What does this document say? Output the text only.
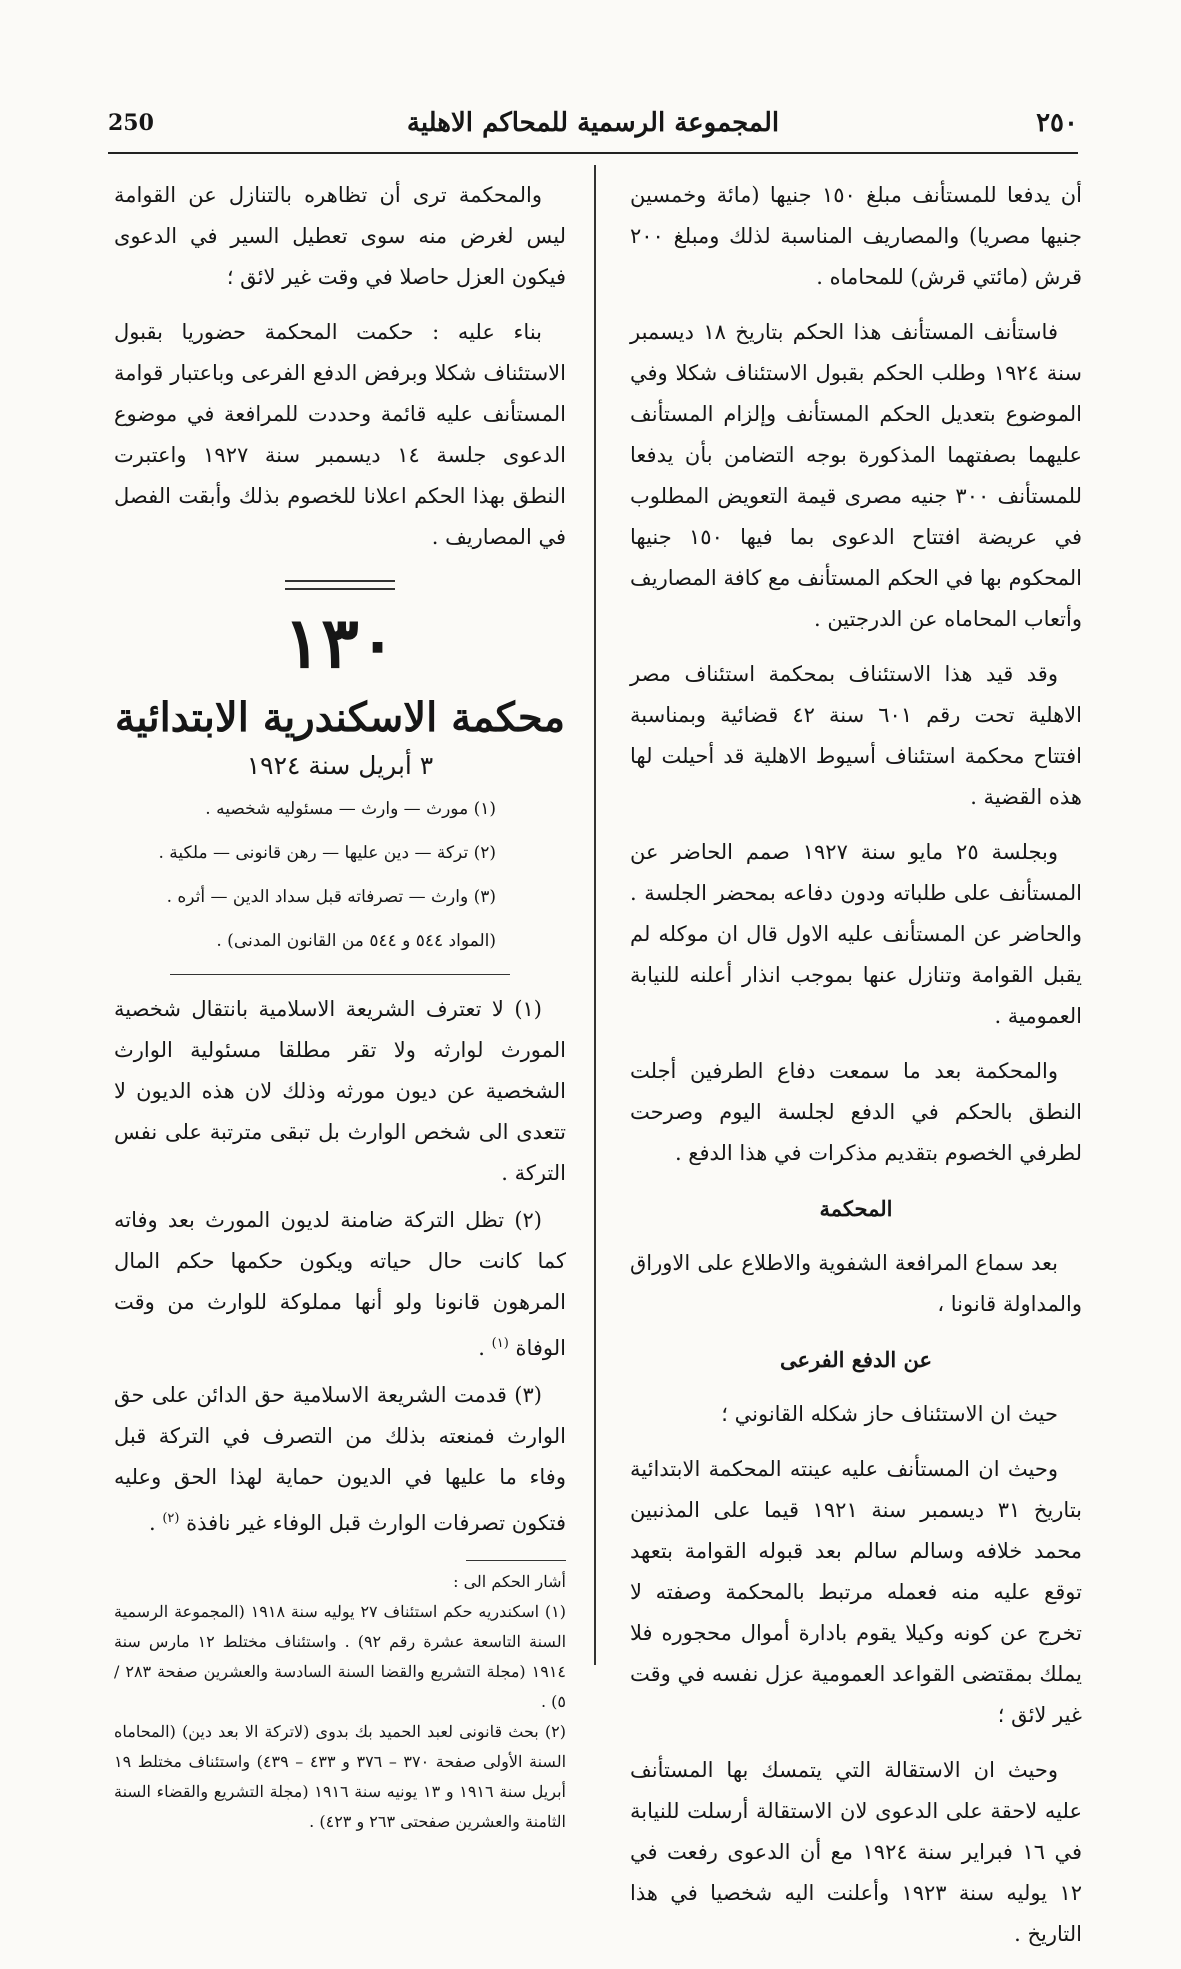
250	المجموعة الرسمية للمحاكم الاهلية	٢٥٠

أن يدفعا للمستأنف مبلغ ١٥٠ جنيها (مائة وخمسين جنيها مصريا) والمصاريف المناسبة لذلك ومبلغ ٢٠٠ قرش (مائتي قرش) للمحاماه .

فاستأنف المستأنف هذا الحكم بتاريخ ١٨ ديسمبر سنة ١٩٢٤ وطلب الحكم بقبول الاستئناف شكلا وفي الموضوع بتعديل الحكم المستأنف وإلزام المستأنف عليهما بصفتهما المذكورة بوجه التضامن بأن يدفعا للمستأنف ٣٠٠ جنيه مصرى قيمة التعويض المطلوب في عريضة افتتاح الدعوى بما فيها ١٥٠ جنيها المحكوم بها في الحكم المستأنف مع كافة المصاريف وأتعاب المحاماه عن الدرجتين .

وقد قيد هذا الاستئناف بمحكمة استئناف مصر الاهلية تحت رقم ٦٠١ سنة ٤٢ قضائية وبمناسبة افتتاح محكمة استئناف أسيوط الاهلية قد أحيلت لها هذه القضية .

وبجلسة ٢٥ مايو سنة ١٩٢٧ صمم الحاضر عن المستأنف على طلباته ودون دفاعه بمحضر الجلسة . والحاضر عن المستأنف عليه الاول قال ان موكله لم يقبل القوامة وتنازل عنها بموجب انذار أعلنه للنيابة العمومية .

والمحكمة بعد ما سمعت دفاع الطرفين أجلت النطق بالحكم في الدفع لجلسة اليوم وصرحت لطرفي الخصوم بتقديم مذكرات في هذا الدفع .

المحكمة

بعد سماع المرافعة الشفوية والاطلاع على الاوراق والمداولة قانونا ،

عن الدفع الفرعى

حيث ان الاستئناف حاز شكله القانوني ؛

وحيث ان المستأنف عليه عينته المحكمة الابتدائية بتاريخ ٣١ ديسمبر سنة ١٩٢١ قيما على المذنبين محمد خلافه وسالم سالم بعد قبوله القوامة بتعهد توقع عليه منه فعمله مرتبط بالمحكمة وصفته لا تخرج عن كونه وكيلا يقوم بادارة أموال محجوره فلا يملك بمقتضى القواعد العمومية عزل نفسه في وقت غير لائق ؛

وحيث ان الاستقالة التي يتمسك بها المستأنف عليه لاحقة على الدعوى لان الاستقالة أرسلت للنيابة في ١٦ فبراير سنة ١٩٢٤ مع أن الدعوى رفعت في ١٢ يوليه سنة ١٩٢٣ وأعلنت اليه شخصيا في هذا التاريخ .

والمحكمة ترى أن تظاهره بالتنازل عن القوامة ليس لغرض منه سوى تعطيل السير في الدعوى فيكون العزل حاصلا في وقت غير لائق ؛

بناء عليه : حكمت المحكمة حضوريا بقبول الاستئناف شكلا وبرفض الدفع الفرعى وباعتبار قوامة المستأنف عليه قائمة وحددت للمرافعة في موضوع الدعوى جلسة ١٤ ديسمبر سنة ١٩٢٧ واعتبرت النطق بهذا الحكم اعلانا للخصوم بذلك وأبقت الفصل في المصاريف .

١٣٠
محكمة الاسكندرية الابتدائية
٣ أبريل سنة ١٩٢٤

(١) مورث — وارث — مسئوليه شخصيه .

(٢) تركة — دين عليها — رهن قانونى — ملكية .

(٣) وارث — تصرفاته قبل سداد الدين — أثره .

(المواد ٥٤٤ و ٥٤٤ من القانون المدنى) .

(١) لا تعترف الشريعة الاسلامية بانتقال شخصية المورث لوارثه ولا تقر مطلقا مسئولية الوارث الشخصية عن ديون مورثه وذلك لان هذه الديون لا تتعدى الى شخص الوارث بل تبقى مترتبة على نفس التركة .

(٢) تظل التركة ضامنة لديون المورث بعد وفاته كما كانت حال حياته ويكون حكمها حكم المال المرهون قانونا ولو أنها مملوكة للوارث من وقت الوفاة $^{(١)}$ .

(٣) قدمت الشريعة الاسلامية حق الدائن على حق الوارث فمنعته بذلك من التصرف في التركة قبل وفاء ما عليها في الديون حماية لهذا الحق وعليه فتكون تصرفات الوارث قبل الوفاء غير نافذة $^{(٢)}$ .

أشار الحكم الى :

(١) اسكندريه حكم استئناف ٢٧ يوليه سنة ١٩١٨ (المجموعة الرسمية السنة التاسعة عشرة رقم ٩٢) . واستئناف مختلط ١٢ مارس سنة ١٩١٤ (مجلة التشريع والقضا السنة السادسة والعشرين صفحة ٢٨٣ / ٥) .

(٢) بحث قانونى لعبد الحميد بك بدوى (لاتركة الا بعد دين) (المحاماه السنة الأولى صفحة ٣٧٠ – ٣٧٦ و ٤٣٣ – ٤٣٩) واستئناف مختلط ١٩ أبريل سنة ١٩١٦ و ١٣ يونيه سنة ١٩١٦ (مجلة التشريع والقضاء السنة الثامنة والعشرين صفحتى ٢٦٣ و ٤٢٣) .
